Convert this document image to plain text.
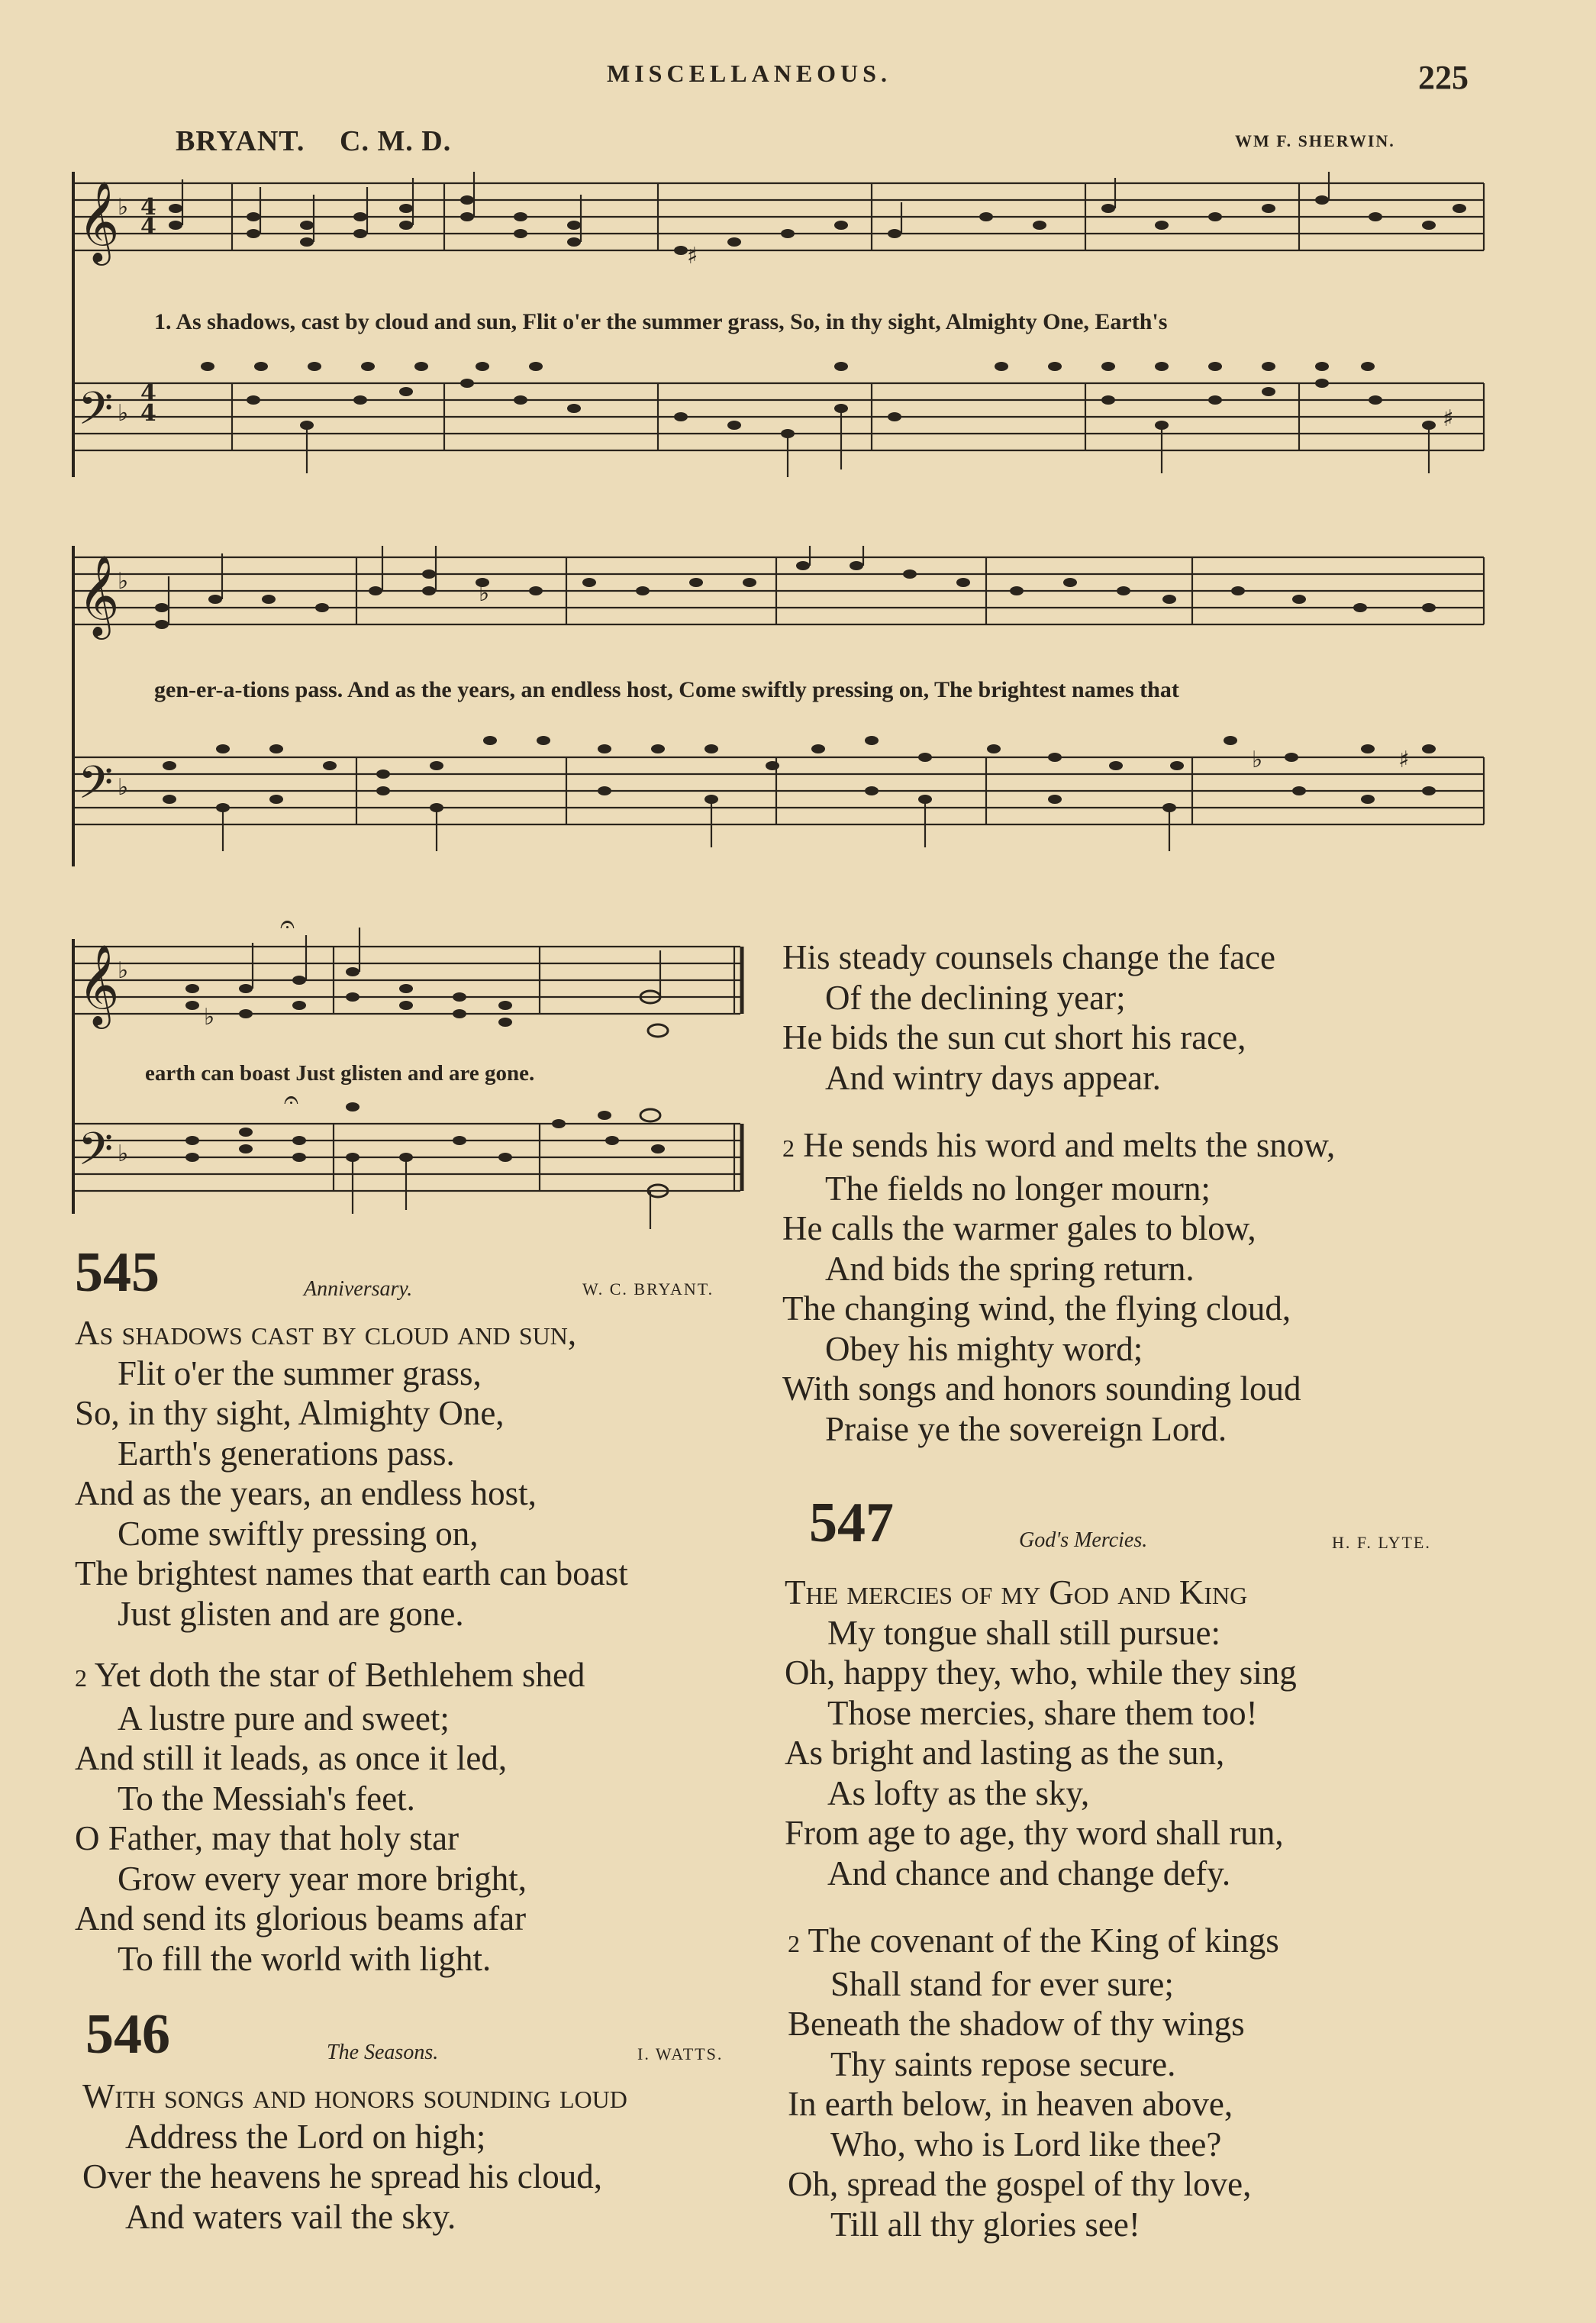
MISCELLANEOUS.	225
BRYANT. C. M. D.	WM F. SHERWIN.
𝄞
𝄢
♭
♭
4
4
4
4	♯
♯
1. As shadows, cast by cloud and sun, Flit o'er the summer grass, So, in thy sight, Almighty One, Earth's
𝄞
𝄢
♭
♭
♭
♯
♭
gen-er-a-tions pass. And as the years, an endless host, Come swiftly pressing on, The brightest names that
𝄞
𝄢
♭
♭
𝄐
𝄐
♭
earth can boast Just glisten and are gone.
545	Anniversary.	W. C. BRYANT.
As shadows cast by cloud and sun,
Flit o'er the summer grass,
So, in thy sight, Almighty One,
Earth's generations pass.
And as the years, an endless host,
Come swiftly pressing on,
The brightest names that earth can boast
Just glisten and are gone.
2 Yet doth the star of Bethlehem shed
A lustre pure and sweet;
And still it leads, as once it led,
To the Messiah's feet.
O Father, may that holy star
Grow every year more bright,
And send its glorious beams afar
To fill the world with light.
546	The Seasons.	I. WATTS.
With songs and honors sounding loud
Address the Lord on high;
Over the heavens he spread his cloud,
And waters vail the sky.
His steady counsels change the face
Of the declining year;
He bids the sun cut short his race,
And wintry days appear.
2 He sends his word and melts the snow,
The fields no longer mourn;
He calls the warmer gales to blow,
And bids the spring return.
The changing wind, the flying cloud,
Obey his mighty word;
With songs and honors sounding loud
Praise ye the sovereign Lord.
547	God's Mercies.	H. F. LYTE.
The mercies of my God and King
My tongue shall still pursue:
Oh, happy they, who, while they sing
Those mercies, share them too!
As bright and lasting as the sun,
As lofty as the sky,
From age to age, thy word shall run,
And chance and change defy.
2 The covenant of the King of kings
Shall stand for ever sure;
Beneath the shadow of thy wings
Thy saints repose secure.
In earth below, in heaven above,
Who, who is Lord like thee?
Oh, spread the gospel of thy love,
Till all thy glories see!
